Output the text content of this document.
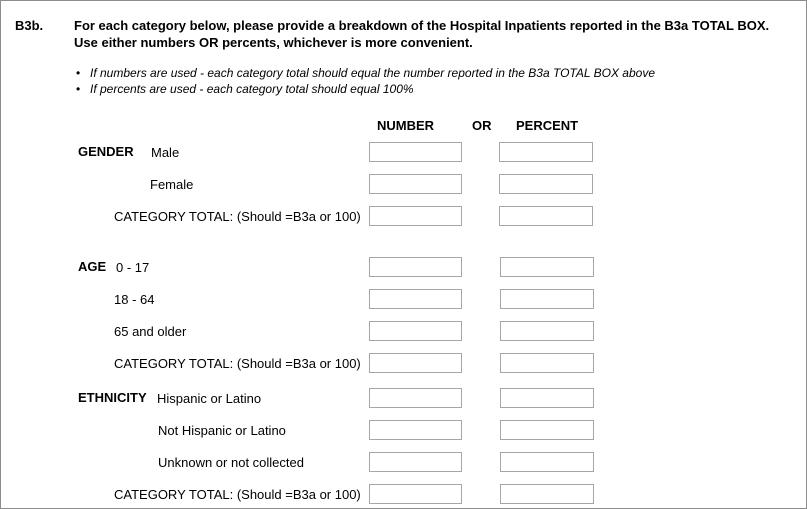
B3b. For each category below, please provide a breakdown of the Hospital Inpatients reported in the B3a TOTAL BOX.
Use either numbers OR percents, whichever is more convenient.
• If numbers are used - each category total should equal the number reported in the B3a TOTAL BOX above
• If percents are used - each category total should equal 100%
NUMBER	OR PERCENT
GENDER Male
Female
CATEGORY TOTAL: (Should =B3a or 100)
AGE 0 - 17
18 - 64
65 and older
CATEGORY TOTAL: (Should =B3a or 100)
ETHNICITY Hispanic or Latino
Not Hispanic or Latino
Unknown or not collected
CATEGORY TOTAL: (Should =B3a or 100)
